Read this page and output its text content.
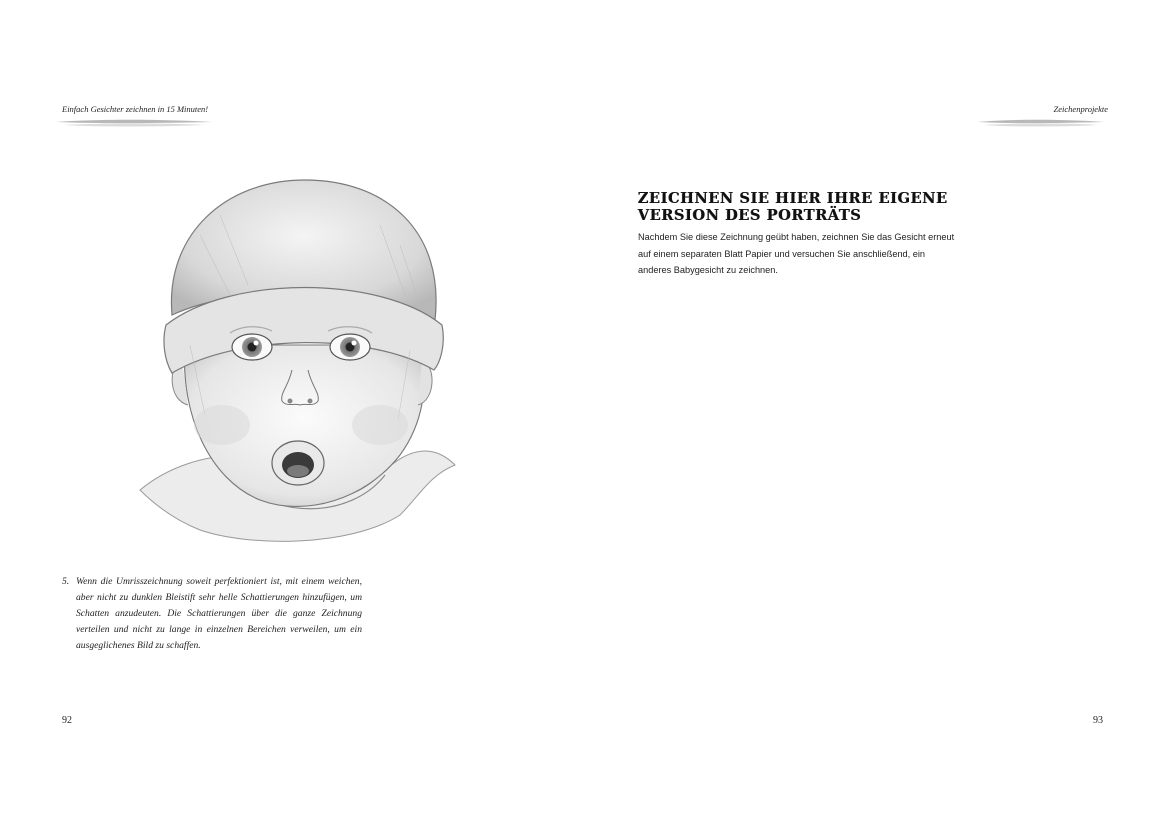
Einfach Gesichter zeichnen in 15 Minuten!	Zeichenprojekte
5. Wenn die Umrisszeichnung soweit perfektioniert ist, mit einem weichen, aber nicht zu dunklen Bleistift sehr helle Schattierungen hinzufügen, um Schatten anzudeuten. Die Schattierungen über die ganze Zeichnung verteilen und nicht zu lange in einzelnen Bereichen verweilen, um ein ausgeglichenes Bild zu schaffen.
ZEICHNEN SIE HIER IHRE EIGENE VERSION DES PORTRÄTS
Nachdem Sie diese Zeichnung geübt haben, zeichnen Sie das Gesicht erneut auf einem separaten Blatt Papier und versuchen Sie anschließend, ein anderes Babygesicht zu zeichnen.
92	93
